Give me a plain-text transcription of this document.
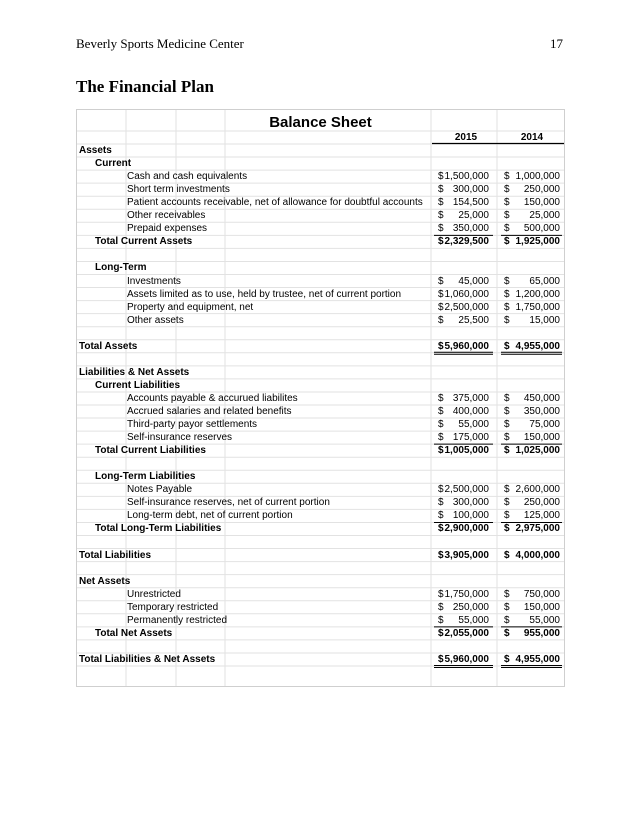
Beverly Sports Medicine Center	17
The Financial Plan
Balance Sheet
2015	2014
Assets
Current
Cash and cash equivalents	$ 1,500,000 $ 1,000,000
Short term investments	$ 300,000 $ 250,000
Patient accounts receivable, net of allowance for doubtful accounts $ 154,500 $ 150,000
Other receivables	$ 25,000 $ 25,000
Prepaid expenses	$ 350,000 $ 500,000
Total Current Assets	$ 2,329,500 $ 1,925,000
Long-Term
Investments	$ 45,000 $ 65,000
Assets limited as to use, held by trustee, net of current portion	$ 1,060,000 $ 1,200,000
Property and equipment, net	$ 2,500,000 $ 1,750,000
Other assets	$ 25,500 $ 15,000
Total Assets	$ 5,960,000 $ 4,955,000
Liabilities & Net Assets
Current Liabilities
Accounts payable & accurued liabilites	$ 375,000 $ 450,000
Accrued salaries and related benefits	$ 400,000 $ 350,000
Third-party payor settlements	$ 55,000 $ 75,000
Self-insurance reserves	$ 175,000 $ 150,000
Total Current Liabilities	$ 1,005,000 $ 1,025,000
Long-Term Liabilities
Notes Payable	$ 2,500,000 $ 2,600,000
Self-insurance reserves, net of current portion	$ 300,000 $ 250,000
Long-term debt, net of current portion	$ 100,000 $ 125,000
Total Long-Term Liabilities	$ 2,900,000 $ 2,975,000
Total Liabilities	$ 3,905,000 $ 4,000,000
Net Assets
Unrestricted	$ 1,750,000 $ 750,000
Temporary restricted	$ 250,000 $ 150,000
Permanently restricted	$ 55,000 $ 55,000
Total Net Assets	$ 2,055,000 $ 955,000
Total Liabilities & Net Assets	$ 5,960,000 $ 4,955,000
